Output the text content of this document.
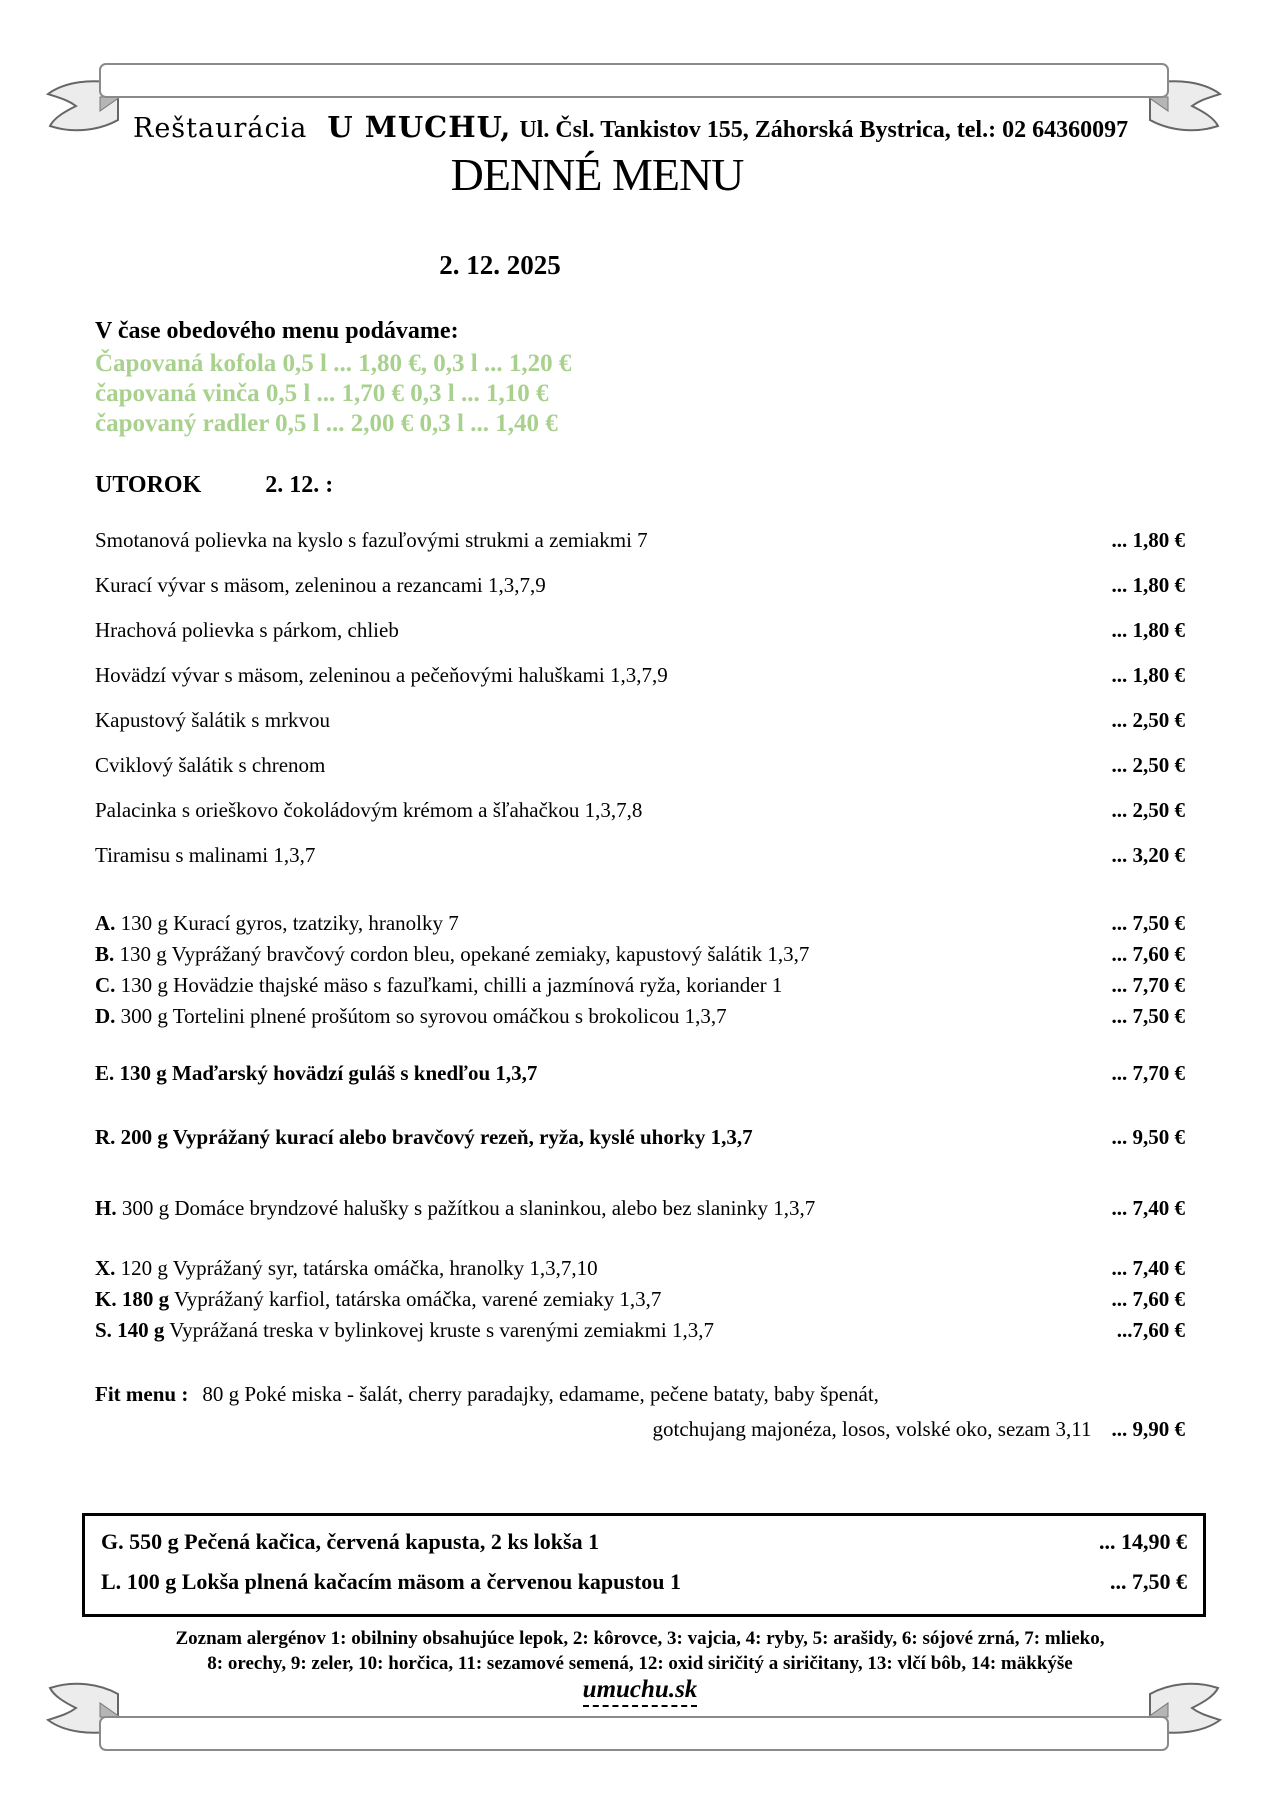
Reštaurácia U MUCHU, Ul. Čsl. Tankistov 155, Záhorská Bystrica, tel.: 02 64360097
DENNÉ MENU
2. 12. 2025
V čase obedového menu podávame:
Čapovaná kofola 0,5 l ... 1,80 €, 0,3 l ... 1,20 €
čapovaná vinča 0,5 l ... 1,70 € 0,3 l ... 1,10 €
čapovaný radler 0,5 l ... 2,00 € 0,3 l ... 1,40 €
UTOROK	2. 12. :
Smotanová polievka na kyslo s fazuľovými strukmi a zemiakmi 7	... 1,80 €
Kurací vývar s mäsom, zeleninou a rezancami 1,3,7,9	... 1,80 €
Hrachová polievka s párkom, chlieb	... 1,80 €
Hovädzí vývar s mäsom, zeleninou a pečeňovými haluškami 1,3,7,9	... 1,80 €
Kapustový šalátik s mrkvou	... 2,50 €
Cviklový šalátik s chrenom	... 2,50 €
Palacinka s orieškovo čokoládovým krémom a šľahačkou 1,3,7,8	... 2,50 €
Tiramisu s malinami 1,3,7	... 3,20 €
A. 130 g Kurací gyros, tzatziky, hranolky 7	... 7,50 €
B. 130 g Vyprážaný bravčový cordon bleu, opekané zemiaky, kapustový šalátik 1,3,7	... 7,60 €
C. 130 g Hovädzie thajské mäso s fazuľkami, chilli a jazmínová ryža, koriander 1	... 7,70 €
D. 300 g Tortelini plnené prošútom so syrovou omáčkou s brokolicou 1,3,7	... 7,50 €
E. 130 g Maďarský hovädzí guláš s knedľou 1,3,7	... 7,70 €
R. 200 g Vyprážaný kurací alebo bravčový rezeň, ryža, kyslé uhorky 1,3,7	... 9,50 €
H. 300 g Domáce bryndzové halušky s pažítkou a slaninkou, alebo bez slaninky 1,3,7	... 7,40 €
X. 120 g Vyprážaný syr, tatárska omáčka, hranolky 1,3,7,10	... 7,40 €
K. 180 g Vyprážaný karfiol, tatárska omáčka, varené zemiaky 1,3,7	... 7,60 €
S. 140 g Vyprážaná treska v bylinkovej kruste s varenými zemiakmi 1,3,7	...7,60 €
Fit menu : 80 g Poké miska - šalát, cherry paradajky, edamame, pečene bataty, baby špenát,
gotchujang majonéza, losos, volské oko, sezam 3,11 ... 9,90 €
G. 550 g Pečená kačica, červená kapusta, 2 ks lokša 1	... 14,90 €
L. 100 g Lokša plnená kačacím mäsom a červenou kapustou 1	... 7,50 €
Zoznam alergénov 1: obilniny obsahujúce lepok, 2: kôrovce, 3: vajcia, 4: ryby, 5: arašidy, 6: sójové zrná, 7: mlieko,
8: orechy, 9: zeler, 10: horčica, 11: sezamové semená, 12: oxid siričitý a siričitany, 13: vlčí bôb, 14: mäkkýše
umuchu.sk
